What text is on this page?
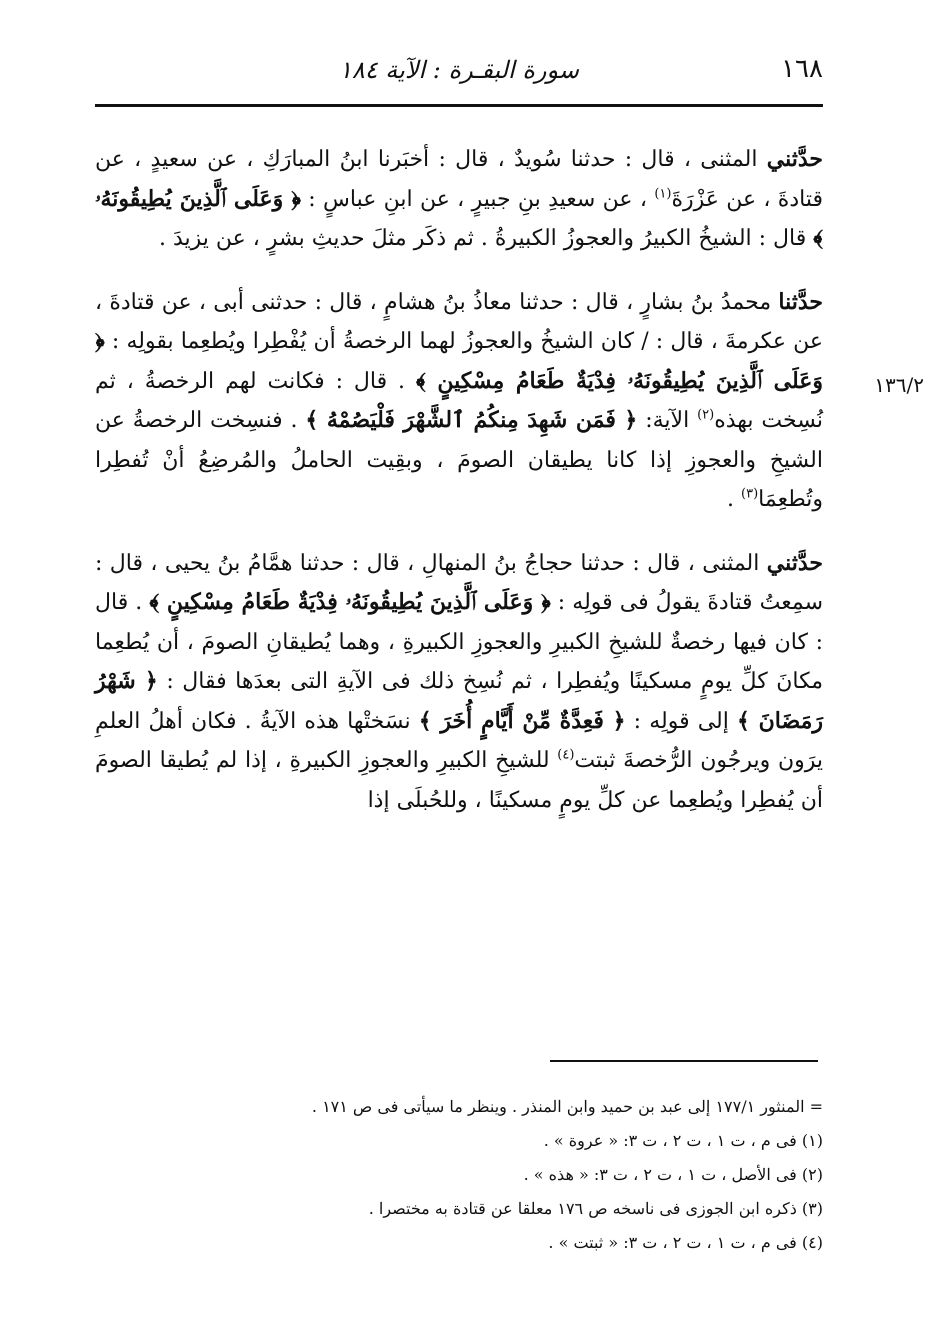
سورة البقـرة : الآية ١٨٤	١٦٨
١٣٦/٢

حدَّثني المثنى ، قال : حدثنا سُويدٌ ، قال : أخبَرنا ابنُ المبارَكِ ، عن سعيدٍ ، عن قتادةَ ، عن عَزْرَةَ$^{(١)}$ ، عن سعيدِ بنِ جبيرٍ ، عن ابنِ عباسٍ : ﴿ وَعَلَى ٱلَّذِينَ يُطِيقُونَهُۥ ﴾ قال : الشيخُ الكبيرُ والعجوزُ الكبيرةُ . ثم ذكَر مثلَ حديثِ بشرٍ ، عن يزيدَ .

حدَّثنا محمدُ بنُ بشارٍ ، قال : حدثنا معاذُ بنُ هشامٍ ، قال : حدثنى أبى ، عن قتادةَ ، عن عكرمةَ ، قال : / كان الشيخُ والعجوزُ لهما الرخصةُ أن يُفْطِرا ويُطعِما بقولِه : ﴿ وَعَلَى ٱلَّذِينَ يُطِيقُونَهُۥ فِدْيَةٌ طَعَامُ مِسْكِينٍ ﴾ . قال : فكانت لهم الرخصةُ ، ثم نُسِخت بهذه$^{(٢)}$ الآية: ﴿ فَمَن شَهِدَ مِنكُمُ ٱلشَّهْرَ فَلْيَصُمْهُ ﴾ . فنسِخت الرخصةُ عن الشيخِ والعجوزِ إذا كانا يطيقان الصومَ ، وبقِيت الحاملُ والمُرضِعُ أنْ تُفطِرا وتُطعِمَا$^{(٣)}$ .

حدَّثني المثنى ، قال : حدثنا حجاجُ بنُ المنهالِ ، قال : حدثنا همَّامُ بنُ يحيى ، قال : سمِعتُ قتادةَ يقولُ فى قولِه : ﴿ وَعَلَى ٱلَّذِينَ يُطِيقُونَهُۥ فِدْيَةٌ طَعَامُ مِسْكِينٍ ﴾ . قال : كان فيها رخصةٌ للشيخِ الكبيرِ والعجوزِ الكبيرةِ ، وهما يُطيقانِ الصومَ ، أن يُطعِما مكانَ كلِّ يومٍ مسكينًا ويُفطِرا ، ثم نُسِخ ذلك فى الآيةِ التى بعدَها فقال : ﴿ شَهْرُ رَمَضَانَ ﴾ إلى قولِه : ﴿ فَعِدَّةٌ مِّنْ أَيَّامٍ أُخَرَ ﴾ نسَختْها هذه الآيةُ . فكان أهلُ العلمِ يرَون ويرجُون الرُّخصةَ ثبتت$^{(٤)}$ للشيخِ الكبيرِ والعجوزِ الكبيرةِ ، إذا لم يُطيقا الصومَ أن يُفطِرا ويُطعِما عن كلِّ يومٍ مسكينًا ، وللحُبلَى إذا

= المنثور ١٧٧/١ إلى عبد بن حميد وابن المنذر . وينظر ما سيأتى فى ص ١٧١ .

(١) فى م ، ت ١ ، ت ٢ ، ت ٣: « عروة » .

(٢) فى الأصل ، ت ١ ، ت ٢ ، ت ٣: « هذه » .

(٣) ذكره ابن الجوزى فى ناسخه ص ١٧٦ معلقا عن قتادة به مختصرا .

(٤) فى م ، ت ١ ، ت ٢ ، ت ٣: « ثبتت » .
